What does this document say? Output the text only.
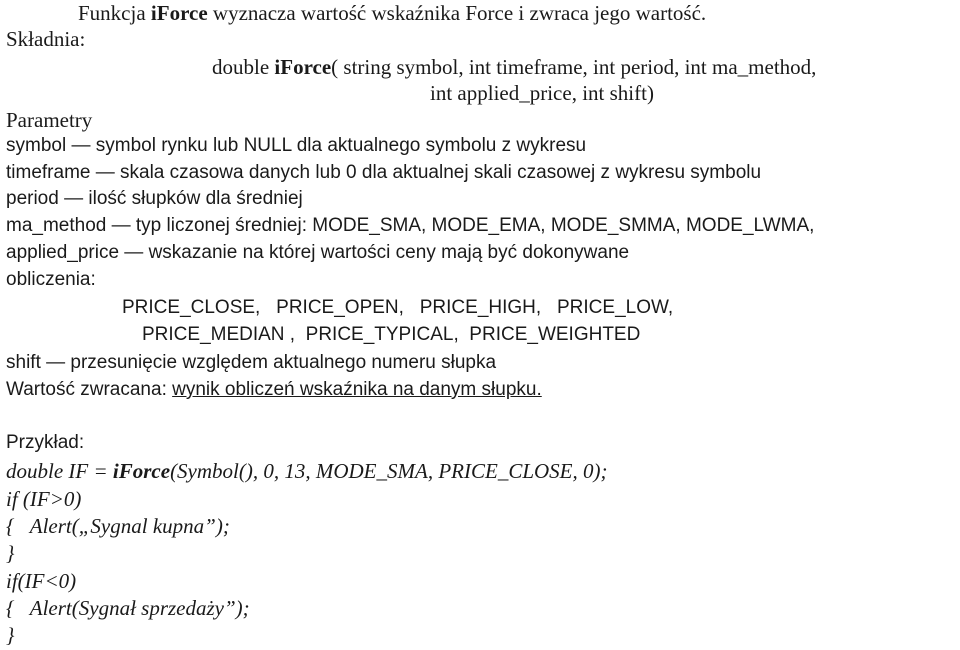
Funkcja iForce wyznacza wartość wskaźnika Force i zwraca jego wartość.
Składnia:
double iForce( string symbol, int timeframe, int period, int ma_method,
int applied_price, int shift)
Parametry
symbol — symbol rynku lub NULL dla aktualnego symbolu z wykresu
timeframe — skala czasowa danych lub 0 dla aktualnej skali czasowej z wykresu symbolu
period — ilość słupków dla średniej
ma_method — typ liczonej średniej: MODE_SMA, MODE_EMA, MODE_SMMA, MODE_LWMA,
applied_price — wskazanie na której wartości ceny mają być dokonywane
obliczenia:
PRICE_CLOSE,   PRICE_OPEN,   PRICE_HIGH,   PRICE_LOW,
PRICE_MEDIAN ,  PRICE_TYPICAL,  PRICE_WEIGHTED
shift — przesunięcie względem aktualnego numeru słupka
Wartość zwracana: wynik obliczeń wskaźnika na danym słupku.
Przykład:
double IF = iForce(Symbol(), 0, 13, MODE_SMA, PRICE_CLOSE, 0);
if (IF>0)
{   Alert(„Sygnal kupna”);
}
if(IF<0)
{   Alert(Sygnał sprzedaży”);
}
